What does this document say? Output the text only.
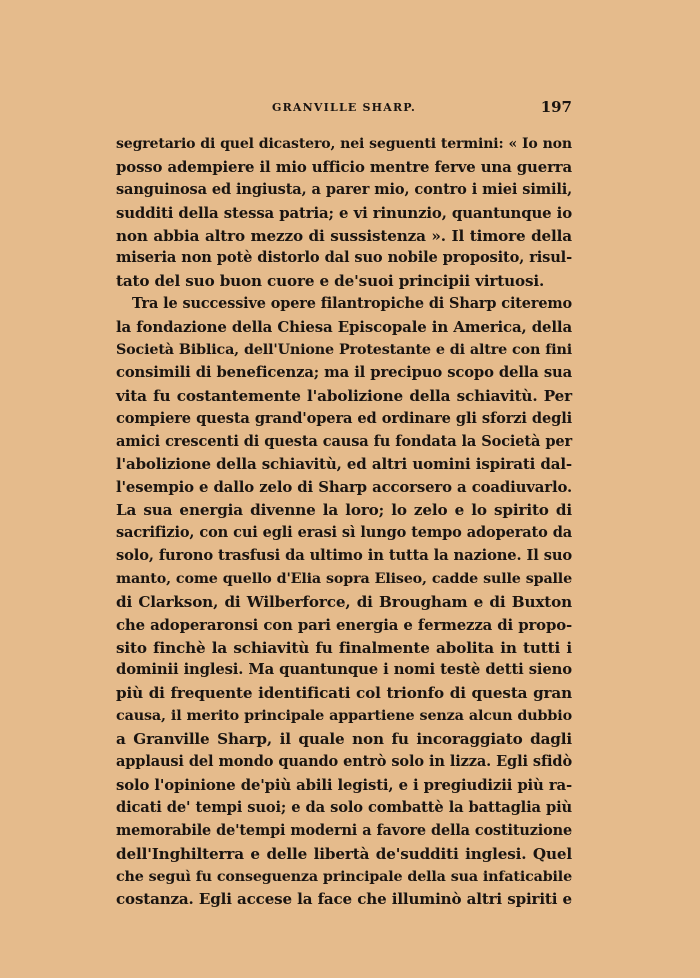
GRANVILLE SHARP.	197
segretario di quel dicastero, nei seguenti termini: « Io non
posso adempiere il mio ufficio mentre ferve una guerra
sanguinosa ed ingiusta, a parer mio, contro i miei simili,
sudditi della stessa patria; e vi rinunzio, quantunque io
non abbia altro mezzo di sussistenza ». Il timore della
miseria non potè distorlo dal suo nobile proposito, risul-
tato del suo buon cuore e de'suoi principii virtuosi.
Tra le successive opere filantropiche di Sharp citeremo
la fondazione della Chiesa Episcopale in America, della
Società Biblica, dell'Unione Protestante e di altre con fini
consimili di beneficenza; ma il precipuo scopo della sua
vita fu costantemente l'abolizione della schiavitù. Per
compiere questa grand'opera ed ordinare gli sforzi degli
amici crescenti di questa causa fu fondata la Società per
l'abolizione della schiavitù, ed altri uomini ispirati dal-
l'esempio e dallo zelo di Sharp accorsero a coadiuvarlo.
La sua energia divenne la loro; lo zelo e lo spirito di
sacrifizio, con cui egli erasi sì lungo tempo adoperato da
solo, furono trasfusi da ultimo in tutta la nazione. Il suo
manto, come quello d'Elia sopra Eliseo, cadde sulle spalle
di Clarkson, di Wilberforce, di Brougham e di Buxton
che adoperaronsi con pari energia e fermezza di propo-
sito finchè la schiavitù fu finalmente abolita in tutti i
dominii inglesi. Ma quantunque i nomi testè detti sieno
più di frequente identificati col trionfo di questa gran
causa, il merito principale appartiene senza alcun dubbio
a Granville Sharp, il quale non fu incoraggiato dagli
applausi del mondo quando entrò solo in lizza. Egli sfidò
solo l'opinione de'più abili legisti, e i pregiudizii più ra-
dicati de' tempi suoi; e da solo combattè la battaglia più
memorabile de'tempi moderni a favore della costituzione
dell'Inghilterra e delle libertà de'sudditi inglesi. Quel
che seguì fu conseguenza principale della sua infaticabile
costanza. Egli accese la face che illuminò altri spiriti e
